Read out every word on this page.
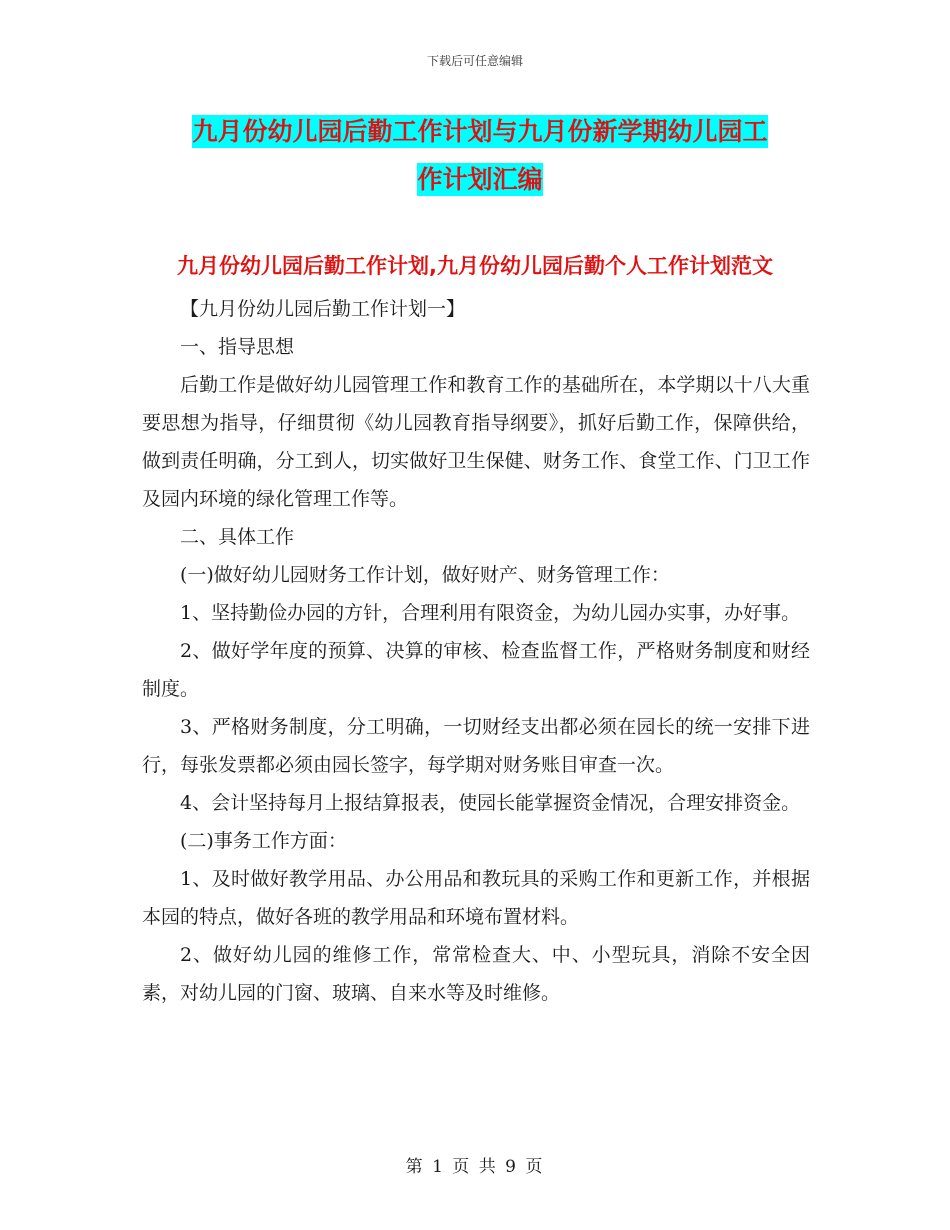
下载后可任意编辑
九月份幼儿园后勤工作计划与九月份新学期幼儿园工
作计划汇编
九月份幼儿园后勤工作计划,九月份幼儿园后勤个人工作计划范文

【九月份幼儿园后勤工作计划一】

一、指导思想

后勤工作是做好幼儿园管理工作和教育工作的基础所在，本学期以十八大重要思想为指导，仔细贯彻《幼儿园教育指导纲要》，抓好后勤工作，保障供给，做到责任明确，分工到人，切实做好卫生保健、财务工作、食堂工作、门卫工作及园内环境的绿化管理工作等。

二、具体工作

(一)做好幼儿园财务工作计划，做好财产、财务管理工作：

1、坚持勤俭办园的方针，合理利用有限资金，为幼儿园办实事，办好事。

2、做好学年度的预算、决算的审核、检查监督工作，严格财务制度和财经制度。

3、严格财务制度，分工明确，一切财经支出都必须在园长的统一安排下进行，每张发票都必须由园长签字，每学期对财务账目审查一次。

4、会计坚持每月上报结算报表，使园长能掌握资金情况，合理安排资金。

(二)事务工作方面：

1、及时做好教学用品、办公用品和教玩具的采购工作和更新工作，并根据本园的特点，做好各班的教学用品和环境布置材料。

2、做好幼儿园的维修工作，常常检查大、中、小型玩具，消除不安全因素，对幼儿园的门窗、玻璃、自来水等及时维修。

第 1 页 共 9 页
